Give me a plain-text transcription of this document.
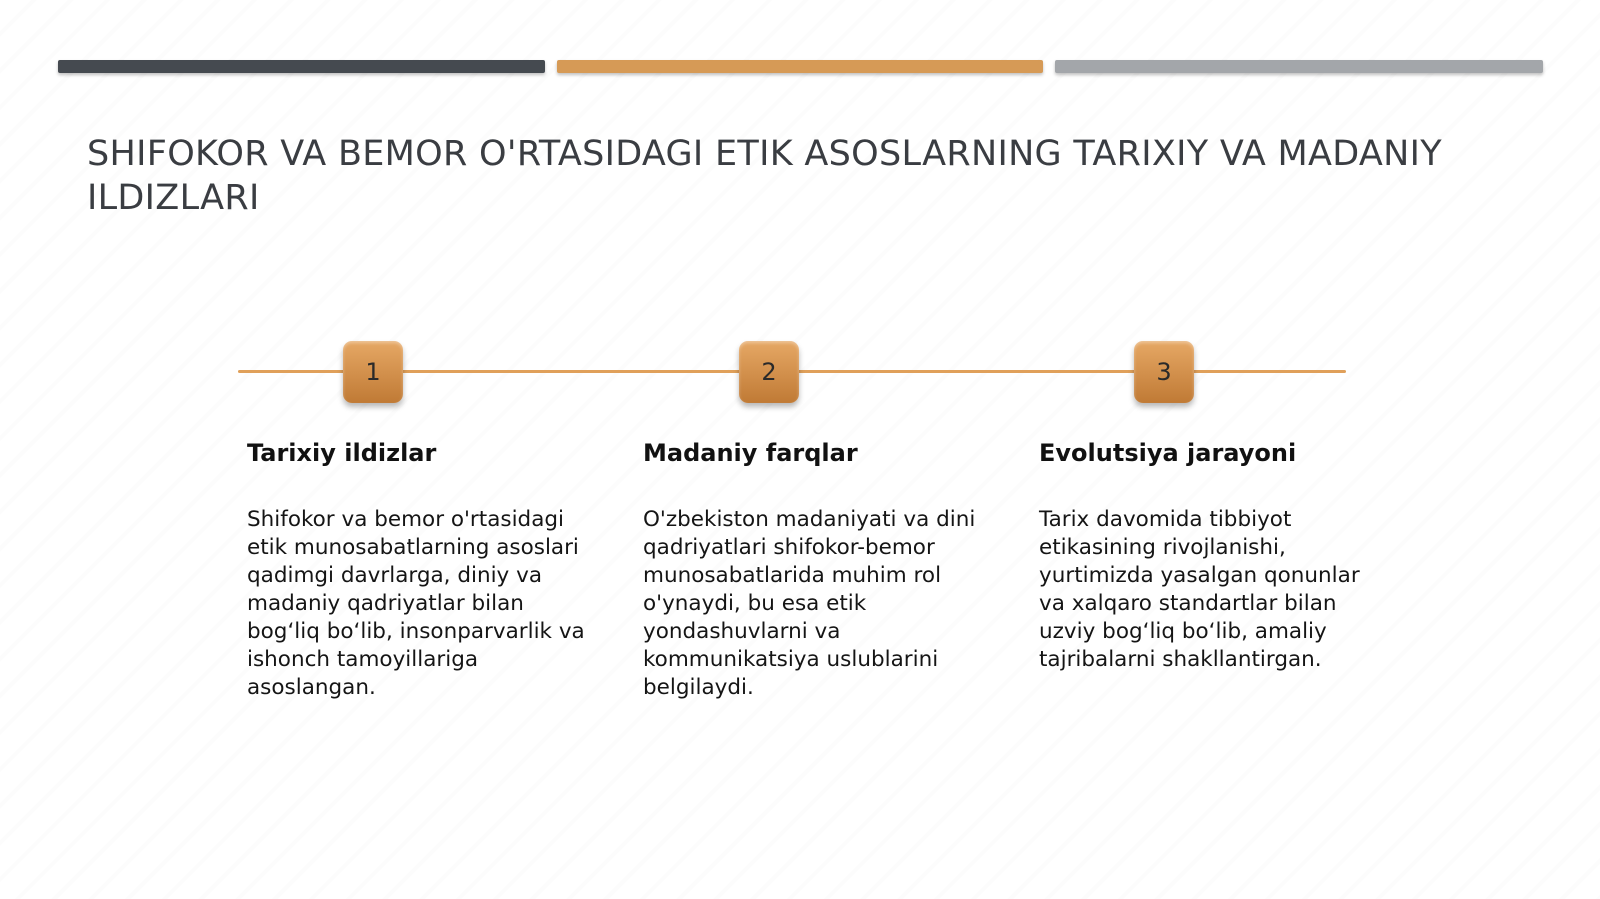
SHIFOKOR VA BEMOR O'RTASIDAGI ETIK ASOSLARNING TARIXIY VA MADANIY ILDIZLARI
1	2	3
Tarixiy ildizlar

Shifokor va bemor o'rtasidagi etik munosabatlarning asoslari qadimgi davrlarga, diniy va madaniy qadriyatlar bilan bog‘liq bo‘lib, insonparvarlik va ishonch tamoyillariga asoslangan.

Madaniy farqlar

O'zbekiston madaniyati va dini qadriyatlari shifokor-bemor munosabatlarida muhim rol o'ynaydi, bu esa etik yondashuvlarni va kommunikatsiya uslublarini belgilaydi.

Evolutsiya jarayoni

Tarix davomida tibbiyot etikasining rivojlanishi, yurtimizda yasalgan qonunlar va xalqaro standartlar bilan uzviy bog‘liq bo‘lib, amaliy tajribalarni shakllantirgan.
